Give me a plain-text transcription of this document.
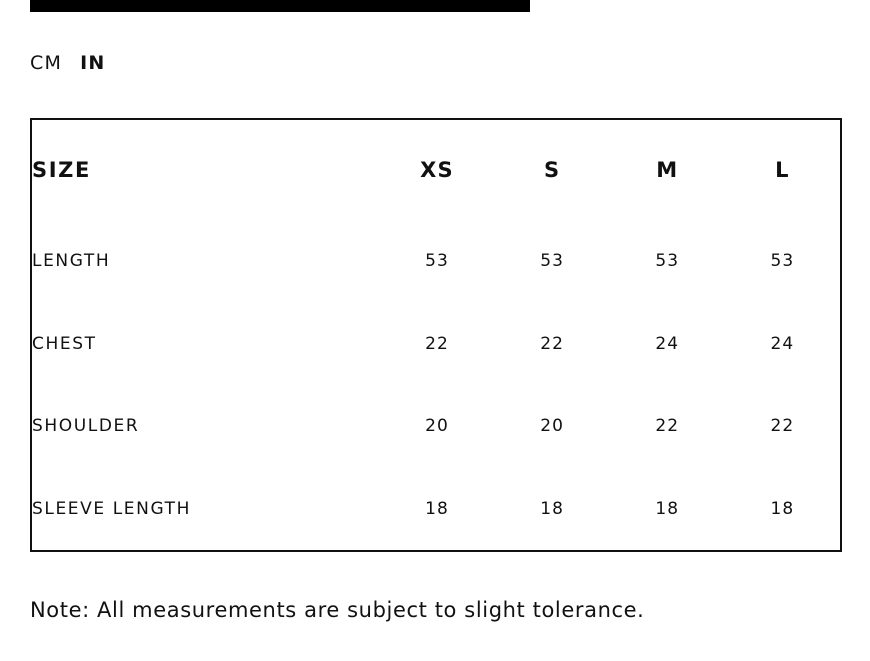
CM IN
SIZE	XS	S	M	L
LENGTH	53	53	53	53
CHEST	22	22	24	24
SHOULDER	20	20	22	22
SLEEVE LENGTH	18	18	18	18
Note: All measurements are subject to slight tolerance.
